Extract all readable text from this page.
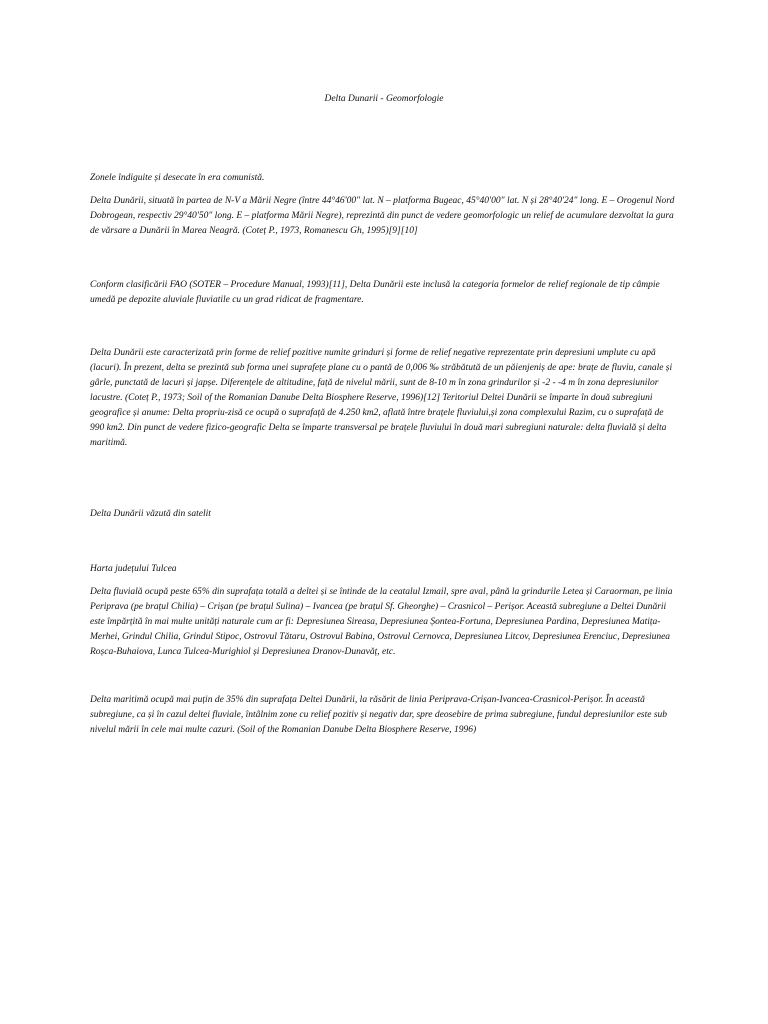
Delta Dunarii - Geomorfologie
Zonele îndiguite și desecate în era comunistă.
Delta Dunării, situată în partea de N-V a Mării Negre (între 44°46'00" lat. N – platforma Bugeac, 45°40'00" lat. N și 28°40'24" long. E – Orogenul Nord Dobrogean, respectiv 29°40'50" long. E – platforma Mării Negre), reprezintă din punct de vedere geomorfologic un relief de acumulare dezvoltat la gura de vărsare a Dunării în Marea Neagră. (Coteț P., 1973, Romanescu Gh, 1995)[9][10]
Conform clasificării FAO (SOTER – Procedure Manual, 1993)[11], Delta Dunării este inclusă la categoria formelor de relief regionale de tip câmpie umedă pe depozite aluviale fluviatile cu un grad ridicat de fragmentare.
Delta Dunării este caracterizată prin forme de relief pozitive numite grinduri și forme de relief negative reprezentate prin depresiuni umplute cu apă (lacuri). În prezent, delta se prezintă sub forma unei suprafețe plane cu o pantă de 0,006 ‰ străbătută de un păienjeniș de ape: brațe de fluviu, canale și gârle, punctată de lacuri și japșe. Diferențele de altitudine, față de nivelul mării, sunt de 8-10 m în zona grindurilor și -2 - -4 m în zona depresiunilor lacustre. (Coteț P., 1973; Soil of the Romanian Danube Delta Biosphere Reserve, 1996)[12] Teritoriul Deltei Dunării se împarte în două subregiuni geografice și anume: Delta propriu-zisă ce ocupă o suprafață de 4.250 km2, aflată între brațele fluviului,și zona complexului Razim, cu o suprafață de 990 km2. Din punct de vedere fizico-geografic Delta se împarte transversal pe brațele fluviului în două mari subregiuni naturale: delta fluvială și delta maritimă.
Delta Dunării văzută din satelit
Harta județului Tulcea
Delta fluvială ocupă peste 65% din suprafața totală a deltei și se întinde de la ceatalul Izmail, spre aval, până la grindurile Letea și Caraorman, pe linia Periprava (pe brațul Chilia) – Crișan (pe brațul Sulina) – Ivancea (pe brațul Sf. Gheorghe) – Crasnicol – Perișor. Această subregiune a Deltei Dunării este împărțită în mai multe unități naturale cum ar fi: Depresiunea Sireasa, Depresiunea Șontea-Fortuna, Depresiunea Pardina, Depresiunea Matița-Merhei, Grindul Chilia, Grindul Stipoc, Ostrovul Tătaru, Ostrovul Babina, Ostrovul Cernovca, Depresiunea Litcov, Depresiunea Erenciuc, Depresiunea Roșca-Buhaiova, Lunca Tulcea-Murighiol și Depresiunea Dranov-Dunavăț, etc.
Delta maritimă ocupă mai puțin de 35% din suprafața Deltei Dunării, la răsărit de linia Periprava-Crișan-Ivancea-Crasnicol-Perișor. În această subregiune, ca și în cazul deltei fluviale, întâlnim zone cu relief pozitiv și negativ dar, spre deosebire de prima subregiune, fundul depresiunilor este sub nivelul mării în cele mai multe cazuri. (Soil of the Romanian Danube Delta Biosphere Reserve, 1996)
